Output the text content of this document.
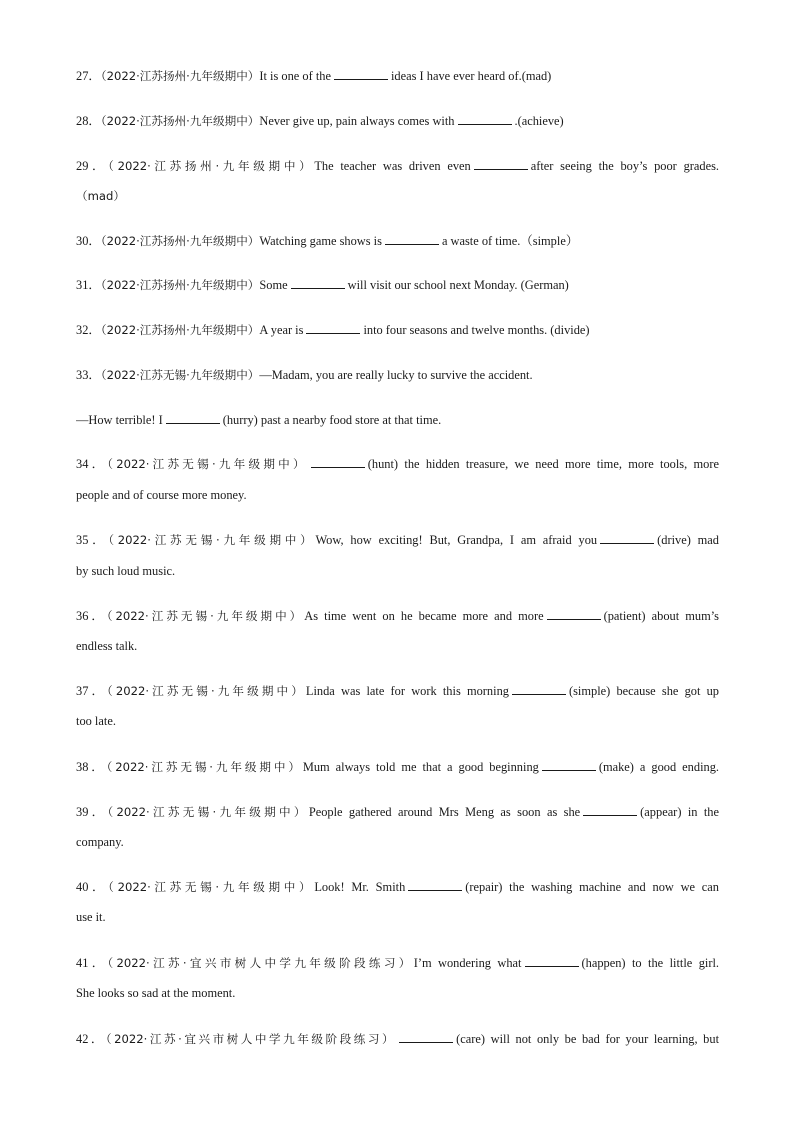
27．（2022·江苏扬州·九年级期中）It is one of the	ideas I have ever heard of.(mad)
28．（2022·江苏扬州·九年级期中）Never give up, pain always comes with	.(achieve)
29．（2022·江苏扬州·九年级期中）The teacher was driven even	after seeing the boy’s poor grades.
（mad）
30．（2022·江苏扬州·九年级期中）Watching game shows is	a waste of time.（simple）
31．（2022·江苏扬州·九年级期中）Some	will visit our school next Monday. (German)
32．（2022·江苏扬州·九年级期中）A year is	into four seasons and twelve months. (divide)
33．（2022·江苏无锡·九年级期中）—Madam, you are really lucky to survive the accident.
—How terrible! I	(hurry) past a nearby food store at that time.
34．（2022·江苏无锡·九年级期中）	(hunt) the hidden treasure, we need more time, more tools, more
people and of course more money.
35．（2022·江苏无锡·九年级期中）Wow, how exciting! But, Grandpa, I am afraid you	(drive) mad
by such loud music.
36．（2022·江苏无锡·九年级期中）As time went on he became more and more	(patient) about mum’s
endless talk.
37．（2022·江苏无锡·九年级期中）Linda was late for work this morning	(simple) because she got up
too late.
38．（2022·江苏无锡·九年级期中）Mum always told me that a good beginning	(make) a good ending.
39．（2022·江苏无锡·九年级期中）People gathered around Mrs Meng as soon as she	(appear) in the
company.
40．（2022·江苏无锡·九年级期中）Look! Mr. Smith	(repair) the washing machine and now we can
use it.
41．（2022·江苏·宜兴市树人中学九年级阶段练习）I’m wondering what	(happen) to the little girl.
She looks so sad at the moment.
42．（2022·江苏·宜兴市树人中学九年级阶段练习）	(care) will not only be bad for your learning, but
